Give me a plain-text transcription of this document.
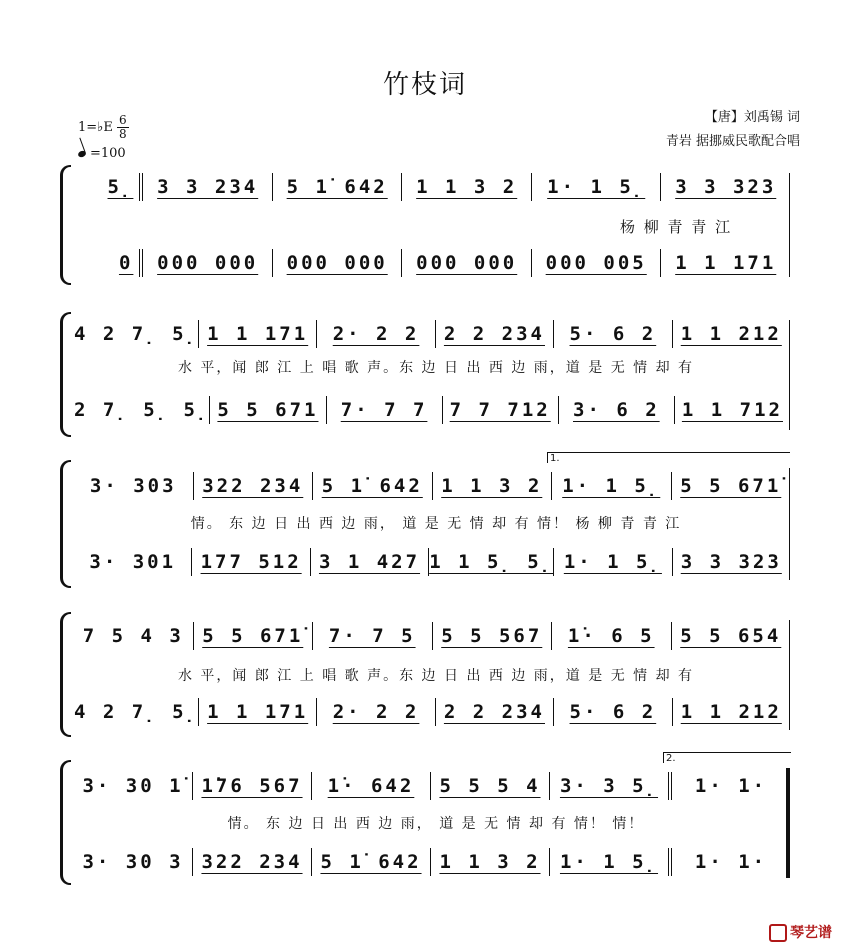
竹枝词
【唐】刘禹锡 词
青岩 据挪威民歌配合唱
1=♭E $\frac{6}{8}$
=100
5̣	3 3 234	5 1̇ 642	1 1 3 2	1· 1 5̣	3 3 323
杨 柳 青 青 江
0	000 000	000 000	000 000	000 005	1 1 171
4 2 7̣ 5̣ 1 1 171	2· 2 2	2 2 234	5· 6 2	1 1 212
水 平，闻 郎 江 上 唱 歌 声。东 边 日 出 西 边 雨，道 是 无 情 却 有
2 7̣ 5̣ 5̣ 5 5 671	7· 7 7	7 7 712	3· 6 2	1 1 712
1.
3· 303	322 234 5 1̇ 642 1 1 3 2	1· 1 5̣	5 5 671̇
情。 东 边 日 出 西 边 雨， 道 是 无 情 却 有 情！ 杨 柳 青 青 江
3· 301	177 512 3 1 427 1 1 5̣ 5̣ 1· 1 5̣ 3 3 323
7 5 4 3 5 5 671̇	7· 7 5	5 5 567	1̇· 6 5	5 5 654
水 平，闻 郎 江 上 唱 歌 声。东 边 日 出 西 边 雨，道 是 无 情 却 有
4 2 7̣ 5̣ 1 1 171	2· 2 2	2 2 234	5· 6 2	1 1 212
2.
3· 30 1̇ 1̇76 567	1̇· 642	5 5 5 4	3· 3 5̣	1· 1·
情。 东 边 日 出 西 边 雨， 道 是 无 情 却 有 情！ 情！
3· 30 3 322 234 5 1̇ 642 1 1 3 2	1· 1 5̣	1· 1·
琴艺谱
